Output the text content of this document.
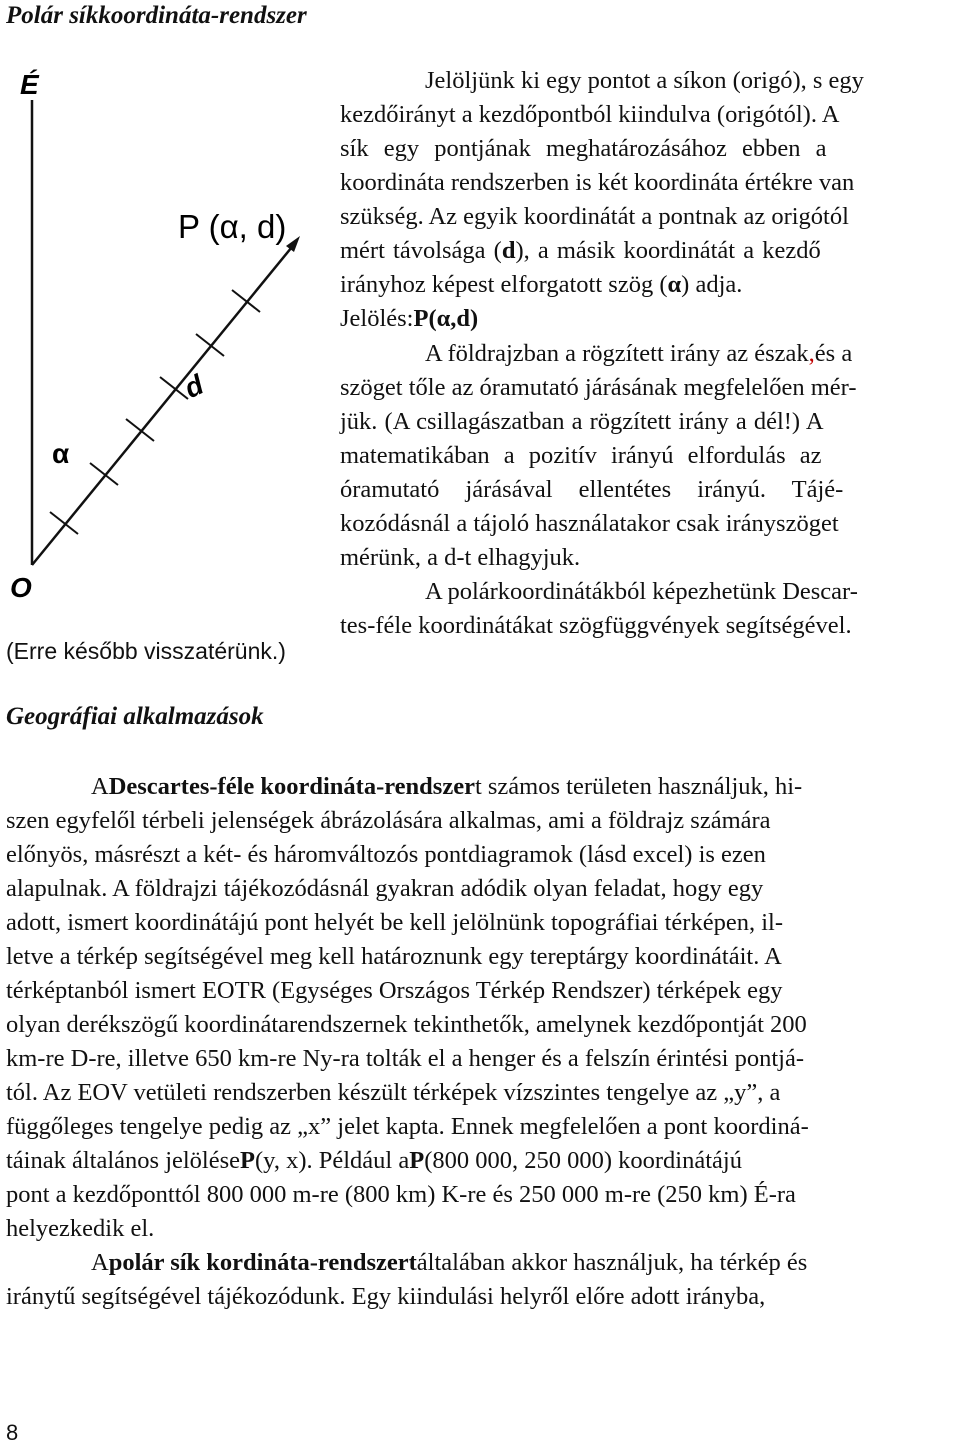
Polár síkkoordináta-rendszer
É
P (α, d)
α
d
O
(Erre később visszatérünk.)
Jelöljünk ki egy pontot a síkon (origó), s egy
kezdőirányt a kezdőpontból kiindulva (origótól). A
sík egy pontjának meghatározásához ebben a
koordináta rendszerben is két koordináta értékre van
szükség. Az egyik koordinátát a pontnak az origótól
mért távolsága ( d ), a másik koordinátát a kezdő
irányhoz képest elforgatott szög ( α ) adja.
Jelölés: P(α,d)
A földrajzban a rögzített irány az észak , és a
szöget tőle az óramutató járásának megfelelően mér-
jük. (A csillagászatban a rögzített irány a dél!) A
matematikában a pozitív irányú elfordulás az
óramutató járásával ellentétes irányú. Tájé-
kozódásnál a tájoló használatakor csak irányszöget
mérünk, a d-t elhagyjuk.
A polárkoordinátákból képezhetünk Descar-
tes-féle koordinátákat szögfüggvények segítségével.
Geográfiai alkalmazások
A Descartes-féle koordináta-rendszer t számos területen használjuk, hi-
szen egyfelől térbeli jelenségek ábrázolására alkalmas, ami a földrajz számára
előnyös, másrészt a két- és háromváltozós pontdiagramok (lásd excel) is ezen
alapulnak. A földrajzi tájékozódásnál gyakran adódik olyan feladat, hogy egy
adott, ismert koordinátájú pont helyét be kell jelölnünk topográfiai térképen, il-
letve a térkép segítségével meg kell határoznunk egy tereptárgy koordinátáit. A
térképtanból ismert EOTR (Egységes Országos Térkép Rendszer) térképek egy
olyan derékszögű koordinátarendszernek tekinthetők, amelynek kezdőpontját 200
km-re D-re, illetve 650 km-re Ny-ra tolták el a henger és a felszín érintési pontjá-
tól. Az EOV vetületi rendszerben készült térképek vízszintes tengelye az „y”, a
függőleges tengelye pedig az „x” jelet kapta. Ennek megfelelően a pont koordiná-
táinak általános jelölése P (y, x). Például a P (800 000, 250 000) koordinátájú
pont a kezdőponttól 800 000 m-re (800 km) K-re és 250 000 m-re (250 km) É-ra
helyezkedik el.
A polár sík kordináta-rendszert általában akkor használjuk, ha térkép és
iránytű segítségével tájékozódunk. Egy kiindulási helyről előre adott irányba,
8
